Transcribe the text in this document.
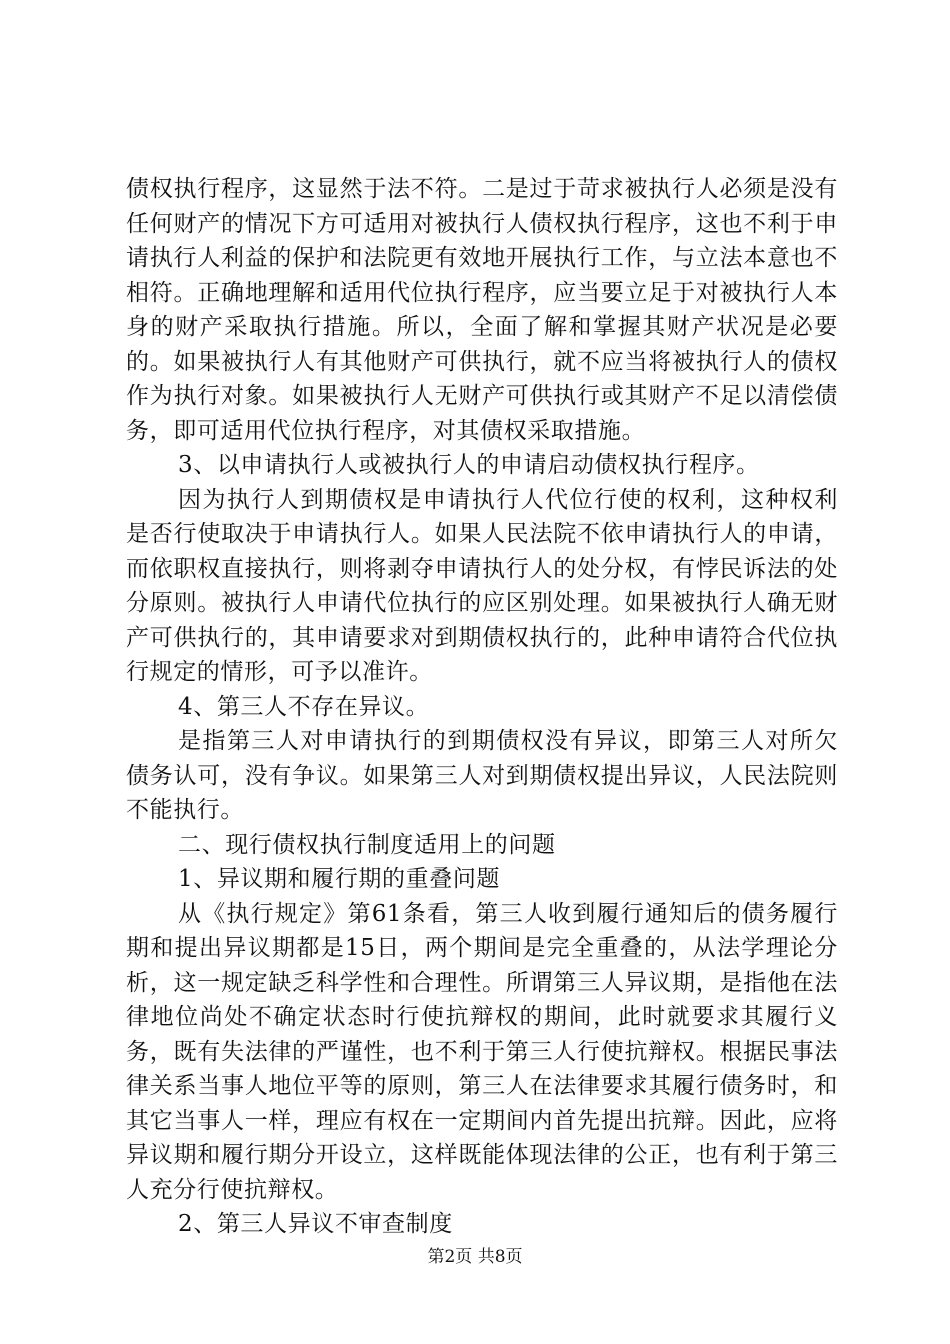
债权执行程序，这显然于法不符。二是过于苛求被执行人必须是没有任何财产的情况下方可适用对被执行人债权执行程序，这也不利于申请执行人利益的保护和法院更有效地开展执行工作，与立法本意也不相符。正确地理解和适用代位执行程序，应当要立足于对被执行人本身的财产采取执行措施。所以，全面了解和掌握其财产状况是必要的。如果被执行人有其他财产可供执行，就不应当将被执行人的债权作为执行对象。如果被执行人无财产可供执行或其财产不足以清偿债务，即可适用代位执行程序，对其债权采取措施。

3、以申请执行人或被执行人的申请启动债权执行程序。

因为执行人到期债权是申请执行人代位行使的权利，这种权利是否行使取决于申请执行人。如果人民法院不依申请执行人的申请，而依职权直接执行，则将剥夺申请执行人的处分权，有悖民诉法的处分原则。被执行人申请代位执行的应区别处理。如果被执行人确无财产可供执行的，其申请要求对到期债权执行的，此种申请符合代位执行规定的情形，可予以准许。

4、第三人不存在异议。

是指第三人对申请执行的到期债权没有异议，即第三人对所欠债务认可，没有争议。如果第三人对到期债权提出异议，人民法院则不能执行。

二、现行债权执行制度适用上的问题

1、异议期和履行期的重叠问题

从《执行规定》第61条看，第三人收到履行通知后的债务履行期和提出异议期都是15日，两个期间是完全重叠的，从法学理论分析，这一规定缺乏科学性和合理性。所谓第三人异议期，是指他在法律地位尚处不确定状态时行使抗辩权的期间，此时就要求其履行义务，既有失法律的严谨性，也不利于第三人行使抗辩权。根据民事法律关系当事人地位平等的原则，第三人在法律要求其履行债务时，和其它当事人一样，理应有权在一定期间内首先提出抗辩。因此，应将异议期和履行期分开设立，这样既能体现法律的公正，也有利于第三人充分行使抗辩权。

2、第三人异议不审查制度

第2页 共8页
